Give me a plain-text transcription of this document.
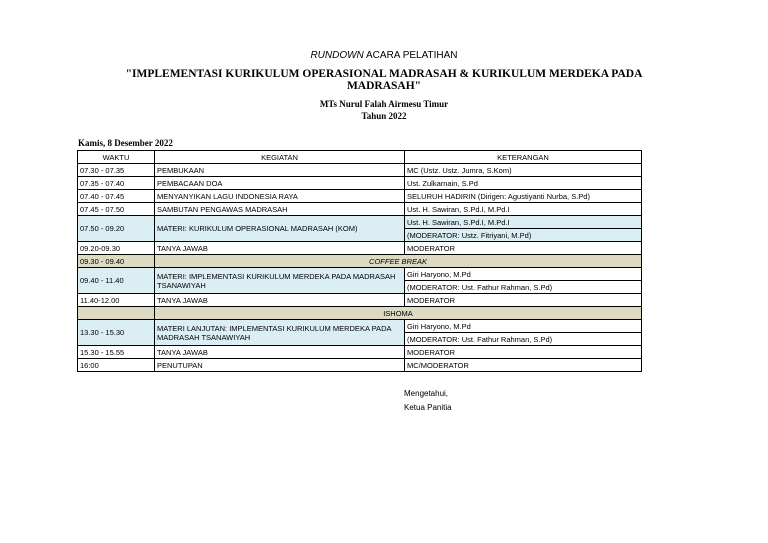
RUNDOWN ACARA PELATIHAN
"IMPLEMENTASI KURIKULUM OPERASIONAL MADRASAH & KURIKULUM MERDEKA PADA
MADRASAH"
MTs Nurul Falah Airmesu Timur
Tahun 2022
Kamis, 8 Desember 2022
WAKTU	KEGIATAN	KETERANGAN
07.30 - 07.35	PEMBUKAAN	MC (Ustz. Ustz. Jumra, S.Kom)
07.35 - 07.40	PEMBACAAN DOA	Ust. Zulkarnain, S.Pd
07.40 - 07.45	MENYANYIKAN LAGU INDONESIA RAYA	SELURUH HADIRIN (Dirigen: Agustiyanti Nurba, S.Pd)
07.45 - 07.50	SAMBUTAN PENGAWAS MADRASAH	Ust. H. Sawiran, S.Pd.I, M.Pd.I
07.50 - 09.20	MATERI: KURIKULUM OPERASIONAL MADRASAH (KOM)	Ust. H. Sawiran, S.Pd.I, M.Pd.I
		(MODERATOR: Ustz. Fitriyani, M.Pd)
09.20-09.30	TANYA JAWAB	MODERATOR
09.30 - 09.40	COFFEE BREAK	
09.40 - 11.40	MATERI: IMPLEMENTASI KURIKULUM MERDEKA PADA MADRASAH TSANAWIYAH	Giri Haryono, M.Pd
		(MODERATOR: Ust. Fathur Rahman, S.Pd)
11.40-12.00	TANYA JAWAB	MODERATOR
	ISHOMA	
13.30 - 15.30	MATERI LANJUTAN: IMPLEMENTASI KURIKULUM MERDEKA PADA MADRASAH TSANAWIYAH	Giri Haryono, M.Pd
		(MODERATOR: Ust. Fathur Rahman, S.Pd)
15.30 - 15.55	TANYA JAWAB	MODERATOR
16:00	PENUTUPAN	MC/MODERATOR
Mengetahui,
Ketua Panitia
